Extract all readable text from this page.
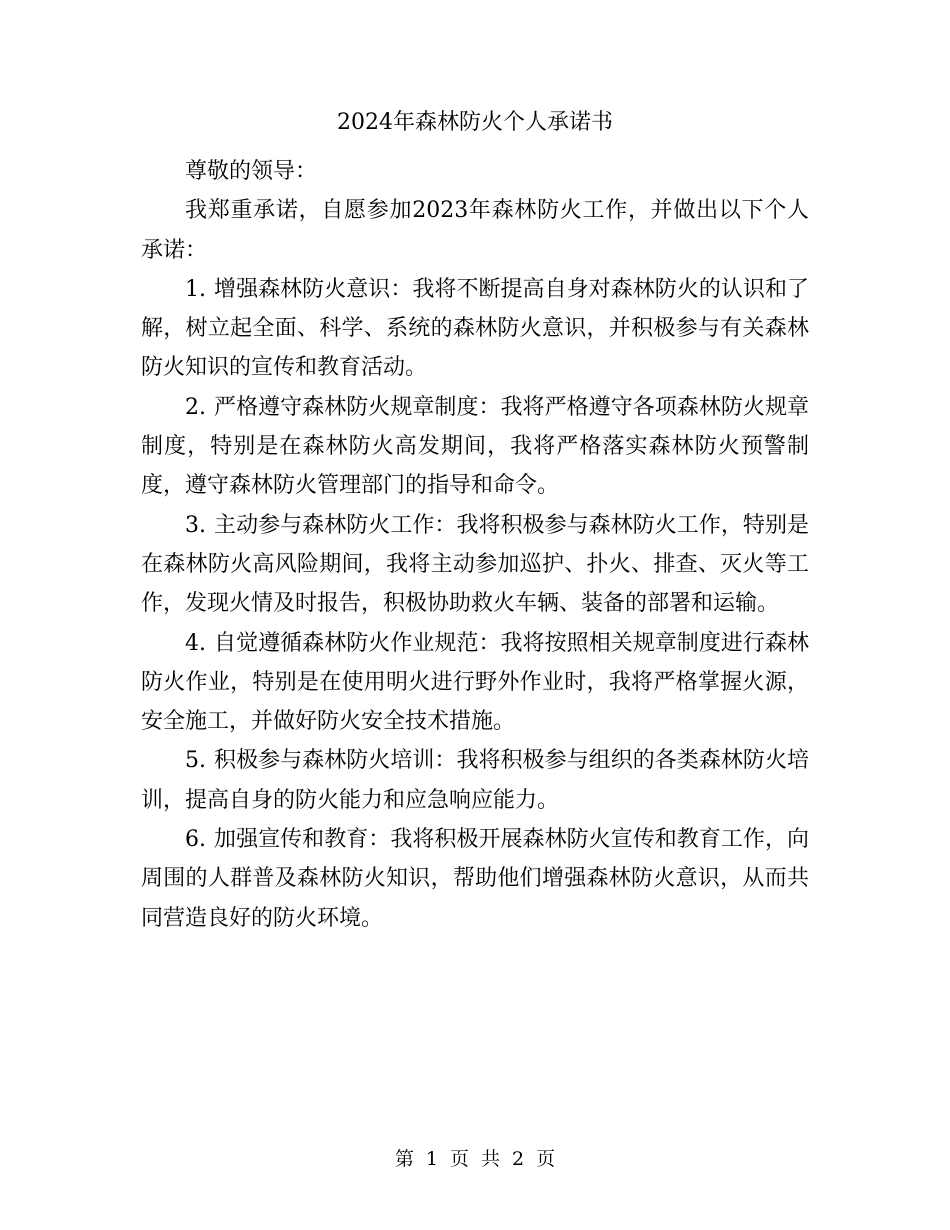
2024年森林防火个人承诺书

尊敬的领导：

我郑重承诺，自愿参加2023年森林防火工作，并做出以下个人承诺：

1. 增强森林防火意识：我将不断提高自身对森林防火的认识和了解，树立起全面、科学、系统的森林防火意识，并积极参与有关森林防火知识的宣传和教育活动。

2. 严格遵守森林防火规章制度：我将严格遵守各项森林防火规章制度，特别是在森林防火高发期间，我将严格落实森林防火预警制度，遵守森林防火管理部门的指导和命令。

3. 主动参与森林防火工作：我将积极参与森林防火工作，特别是在森林防火高风险期间，我将主动参加巡护、扑火、排查、灭火等工作，发现火情及时报告，积极协助救火车辆、装备的部署和运输。

4. 自觉遵循森林防火作业规范：我将按照相关规章制度进行森林防火作业，特别是在使用明火进行野外作业时，我将严格掌握火源，安全施工，并做好防火安全技术措施。

5. 积极参与森林防火培训：我将积极参与组织的各类森林防火培训，提高自身的防火能力和应急响应能力。

6. 加强宣传和教育：我将积极开展森林防火宣传和教育工作，向周围的人群普及森林防火知识，帮助他们增强森林防火意识，从而共同营造良好的防火环境。

第 1 页 共 2 页
